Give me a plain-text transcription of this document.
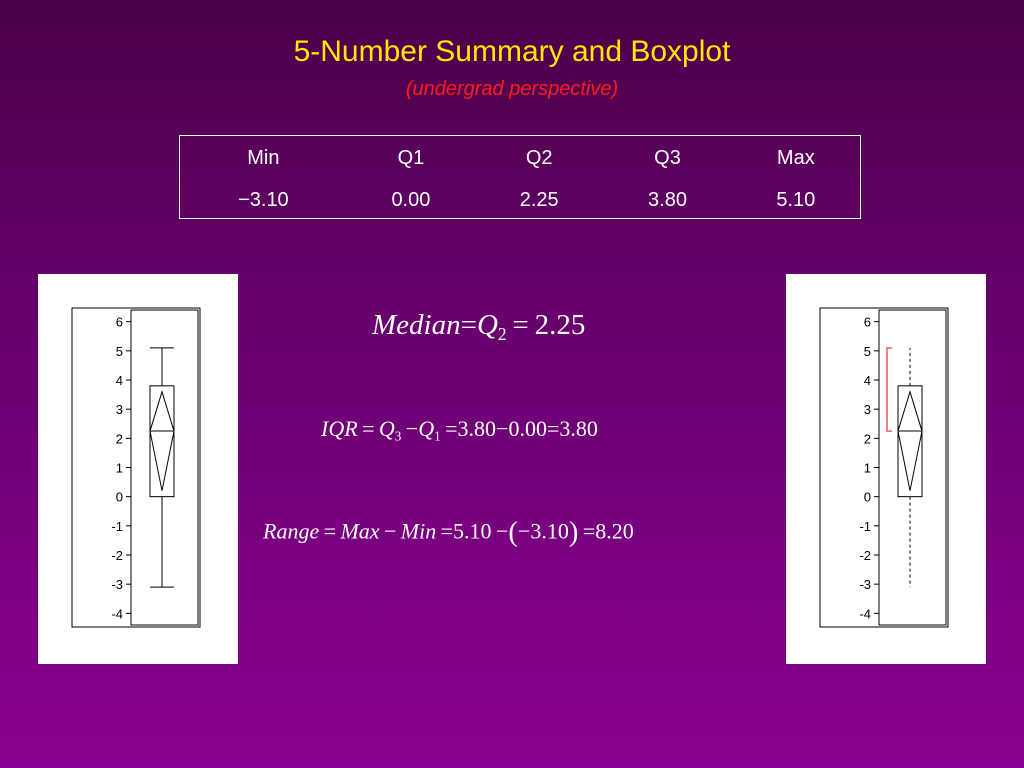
5-Number Summary and Boxplot
(undergrad perspective)
Min	Q1	Q2	Q3	Max
−3.10	0.00	2.25	3.80	5.10
6
5
4
3
2
1
0
-1
-2
-3
-4
6
5
4
3
2
1
0
-1
-2
-3
-4
$Median=Q_2 = 2.25$
IQR  =  $Q_3 -Q_1 =3.80-0.00=3.80$
Range  =  Max  −  Min  =5.10  −(−3.10)  =8.20
